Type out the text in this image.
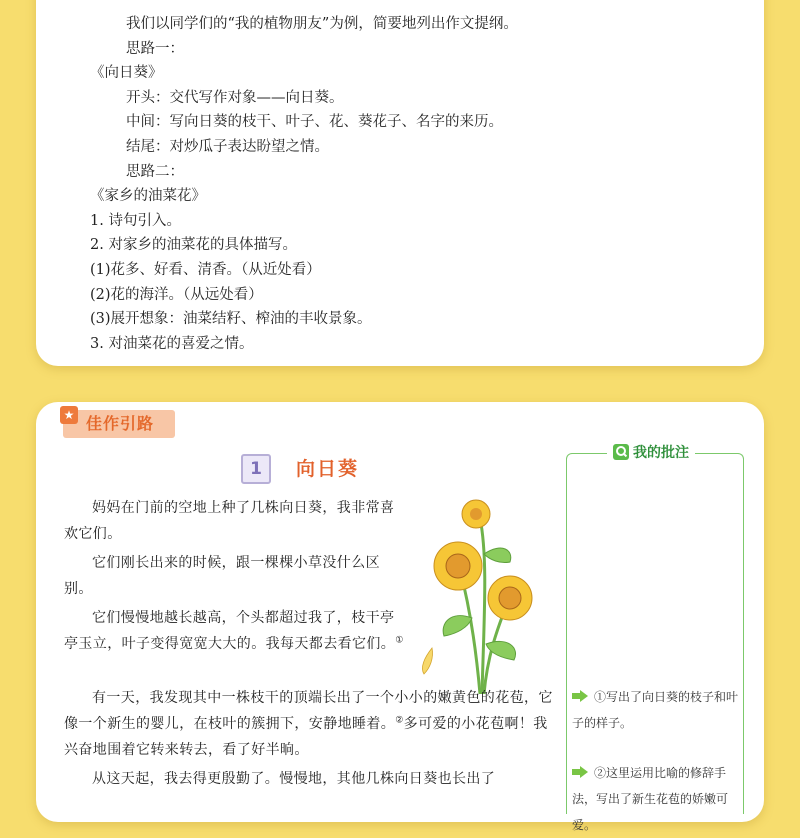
我们以同学们的“我的植物朋友”为例，简要地列出作文提纲。
思路一：
《向日葵》
开头：交代写作对象——向日葵。
中间：写向日葵的枝干、叶子、花、葵花子、名字的来历。
结尾：对炒瓜子表达盼望之情。
思路二：
《家乡的油菜花》
1. 诗句引入。
2. 对家乡的油菜花的具体描写。
(1)花多、好看、清香。（从近处看）
(2)花的海洋。（从远处看）
(3)展开想象：油菜结籽、榨油的丰收景象。
3. 对油菜花的喜爱之情。
★ 佳作引路
1	向日葵

妈妈在门前的空地上种了几株向日葵，我非常喜欢它们。

它们刚长出来的时候，跟一棵棵小草没什么区别。

它们慢慢地越长越高，个头都超过我了，枝干亭亭玉立，叶子变得宽宽大大的。我每天都去看它们。①

有一天，我发现其中一株枝干的顶端长出了一个小小的嫩黄色的花苞，它像一个新生的婴儿，在枝叶的簇拥下，安静地睡着。②多可爱的小花苞啊！我兴奋地围着它转来转去，看了好半晌。

从这天起，我去得更殷勤了。慢慢地，其他几株向日葵也长出了

我的批注
①写出了向日葵的枝子和叶子的样子。
②这里运用比喻的修辞手法，写出了新生花苞的娇嫩可爱。
